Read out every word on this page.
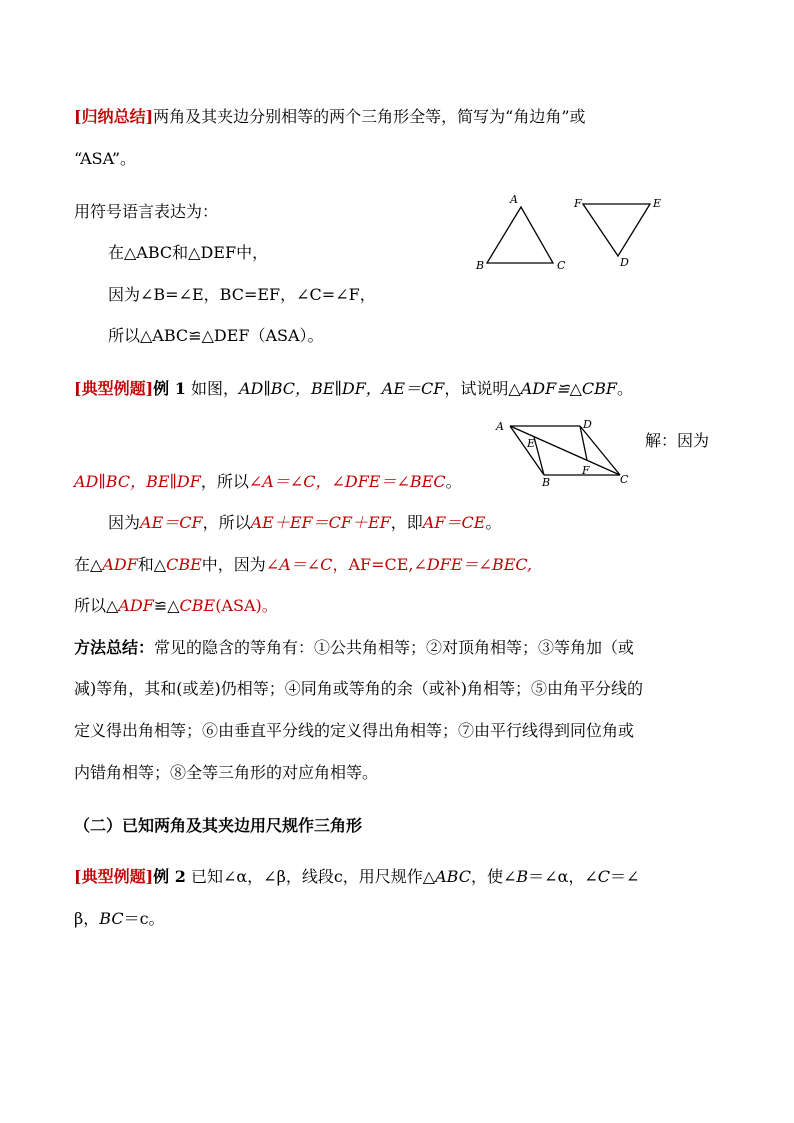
[归纳总结]两角及其夹边分别相等的两个三角形全等，简写为“角边角”或
“ASA”。
用符号语言表达为：
在△ABC和△DEF中，
因为∠B=∠E，BC=EF，∠C=∠F，
所以△ABC≌△DEF（ASA）。
A
B	C
F	E
D
[典型例题]例 1 如图，AD∥BC，BE∥DF，AE＝CF，试说明△ADF≌△CBF。
A	D
E
F
B	C
解：因为
AD∥BC，BE∥DF，所以∠A＝∠C，∠DFE＝∠BEC。
因为AE＝CF，所以AE＋EF＝CF＋EF，即AF＝CE。
在△ADF和△CBE中，因为∠A＝∠C，AF=CE,∠DFE＝∠BEC,
所以△ADF≌△CBE(ASA)。
方法总结：常见的隐含的等角有：①公共角相等；②对顶角相等；③等角加（或
减)等角，其和(或差)仍相等；④同角或等角的余（或补)角相等；⑤由角平分线的
定义得出角相等；⑥由垂直平分线的定义得出角相等；⑦由平行线得到同位角或
内错角相等；⑧全等三角形的对应角相等。
（二）已知两角及其夹边用尺规作三角形
[典型例题]例 2 已知∠α，∠β，线段c，用尺规作△ABC，使∠B＝∠α，∠C＝∠
β，BC＝c。
